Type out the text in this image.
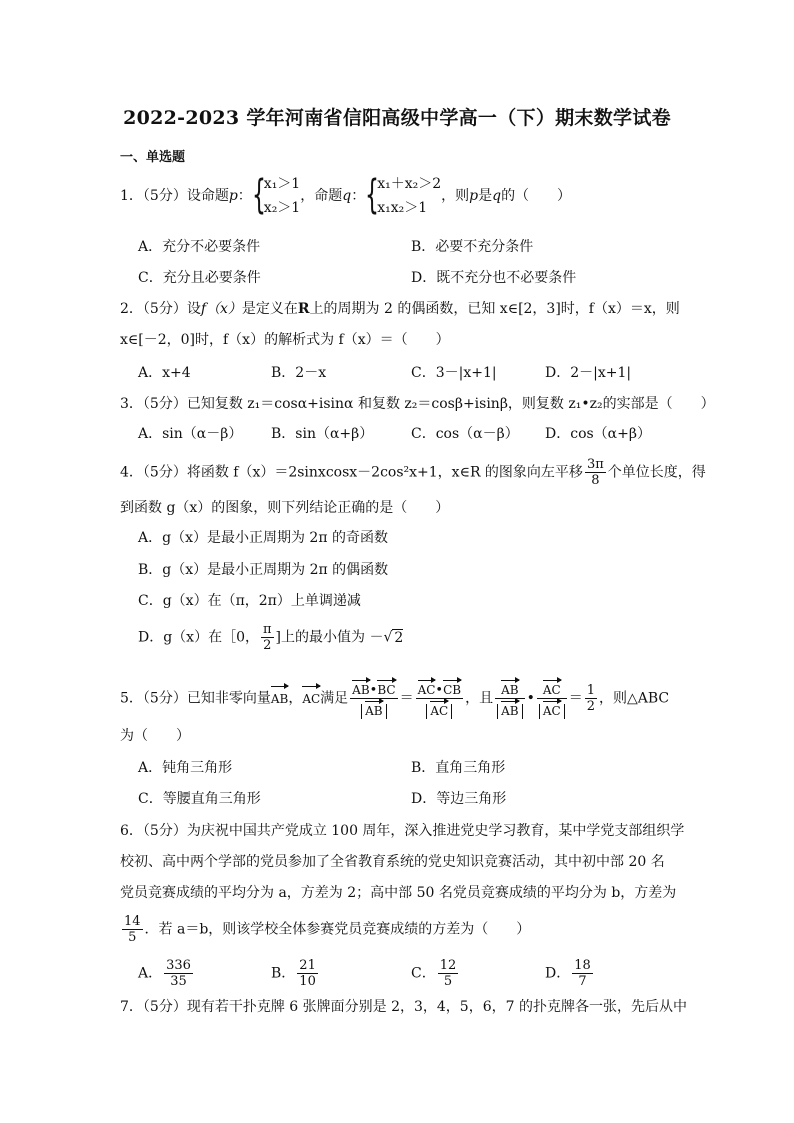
2022-2023 学年河南省信阳高级中学高一（下）期末数学试卷
一、单选题
1．（5分）设命题p： {
x₁＞1
x₂＞1
，命题q： {
x₁＋x₂＞2
x₁x₂＞1
，则p是q的（　　）
A．充分不必要条件	B．必要不充分条件
C．充分且必要条件	D．既不充分也不必要条件
2．（5分）设f（x）是定义在R上的周期为 2 的偶函数，已知 x∈[2，3]时，f（x）＝x，则
x∈[－2，0]时，f（x）的解析式为 f（x）＝（　　）
A．x+4	B．2－x	C．3－|x+1|	D．2－|x+1|
3．（5分）已知复数 z₁＝cosα+isinα 和复数 z₂＝cosβ+isinβ，则复数 z₁•z₂的实部是（　　）
A．sin（α－β） B．sin（α+β）	C．cos（α－β） D．cos（α+β）
4．（5分）将函数 f（x）＝2sinxcosx－2cos²x+1，x∈R 的图象向左平移 $\frac{3\pi}{8}$ 个单位长度，得
到函数 g（x）的图象，则下列结论正确的是（　　）
A．g（x）是最小正周期为 2π 的奇函数
B．g（x）是最小正周期为 2π 的偶函数
C．g（x）在（π，2π）上单调递减
D．g（x）在［0， $\frac{\pi}{2}$ ]上的最小值为 －√ 2
5．（5分）已知非零向量AB，AC满足 $\frac{AB•BC}{AB} = \frac{AC•CB}{AC}$ ，且 $\frac{AB}{AB}$ • $\frac{AC}{AC} = \frac{1}{2}$ ，则△ABC
为（　　）
A．钝角三角形	B．直角三角形
C．等腰直角三角形	D．等边三角形
6．（5分）为庆祝中国共产党成立 100 周年，深入推进党史学习教育，某中学党支部组织学
校初、高中两个学部的党员参加了全省教育系统的党史知识竞赛活动，其中初中部 20 名
党员竞赛成绩的平均分为 a，方差为 2；高中部 50 名党员竞赛成绩的平均分为 b，方差为
$\frac{14}{5}$ ．若 a＝b，则该学校全体参赛党员竞赛成绩的方差为（　　）
A． $\frac{336}{35}$	B． $\frac{21}{10}$	C． $\frac{12}{5}$	D． $\frac{18}{7}$
7．（5分）现有若干扑克牌 6 张牌面分别是 2，3，4，5，6，7 的扑克牌各一张，先后从中
